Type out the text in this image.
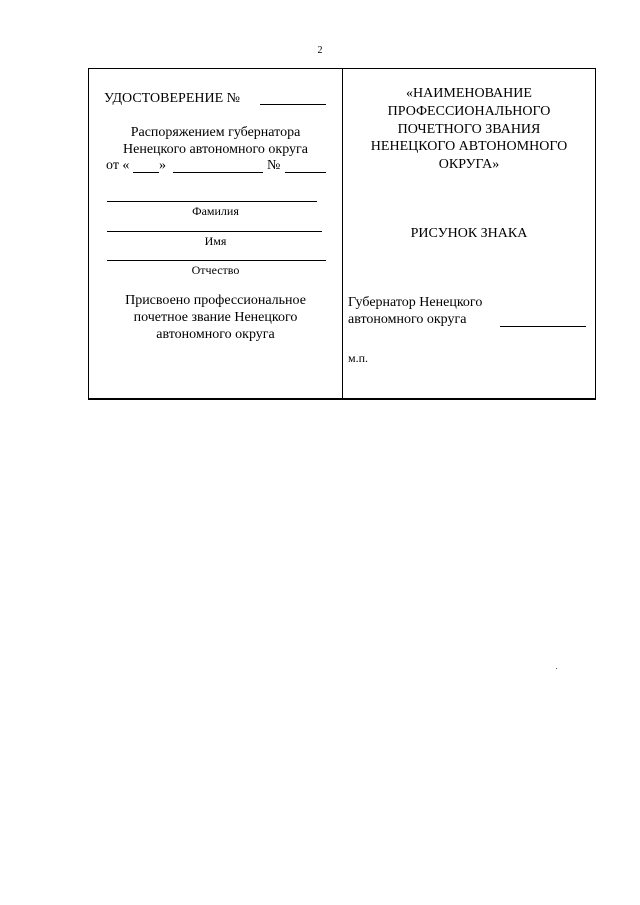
2
УДОСТОВЕРЕНИЕ №
Распоряжением губернатора
Ненецкого автономного округа
от « »	№
Фамилия
Имя
Отчество
Присвоено профессиональное
почетное звание Ненецкого
автономного округа
«НАИМЕНОВАНИЕ
ПРОФЕССИОНАЛЬНОГО
ПОЧЕТНОГО ЗВАНИЯ
НЕНЕЦКОГО АВТОНОМНОГО
ОКРУГА»
РИСУНОК ЗНАКА
Губернатор Ненецкого
автономного округа
м.п.
